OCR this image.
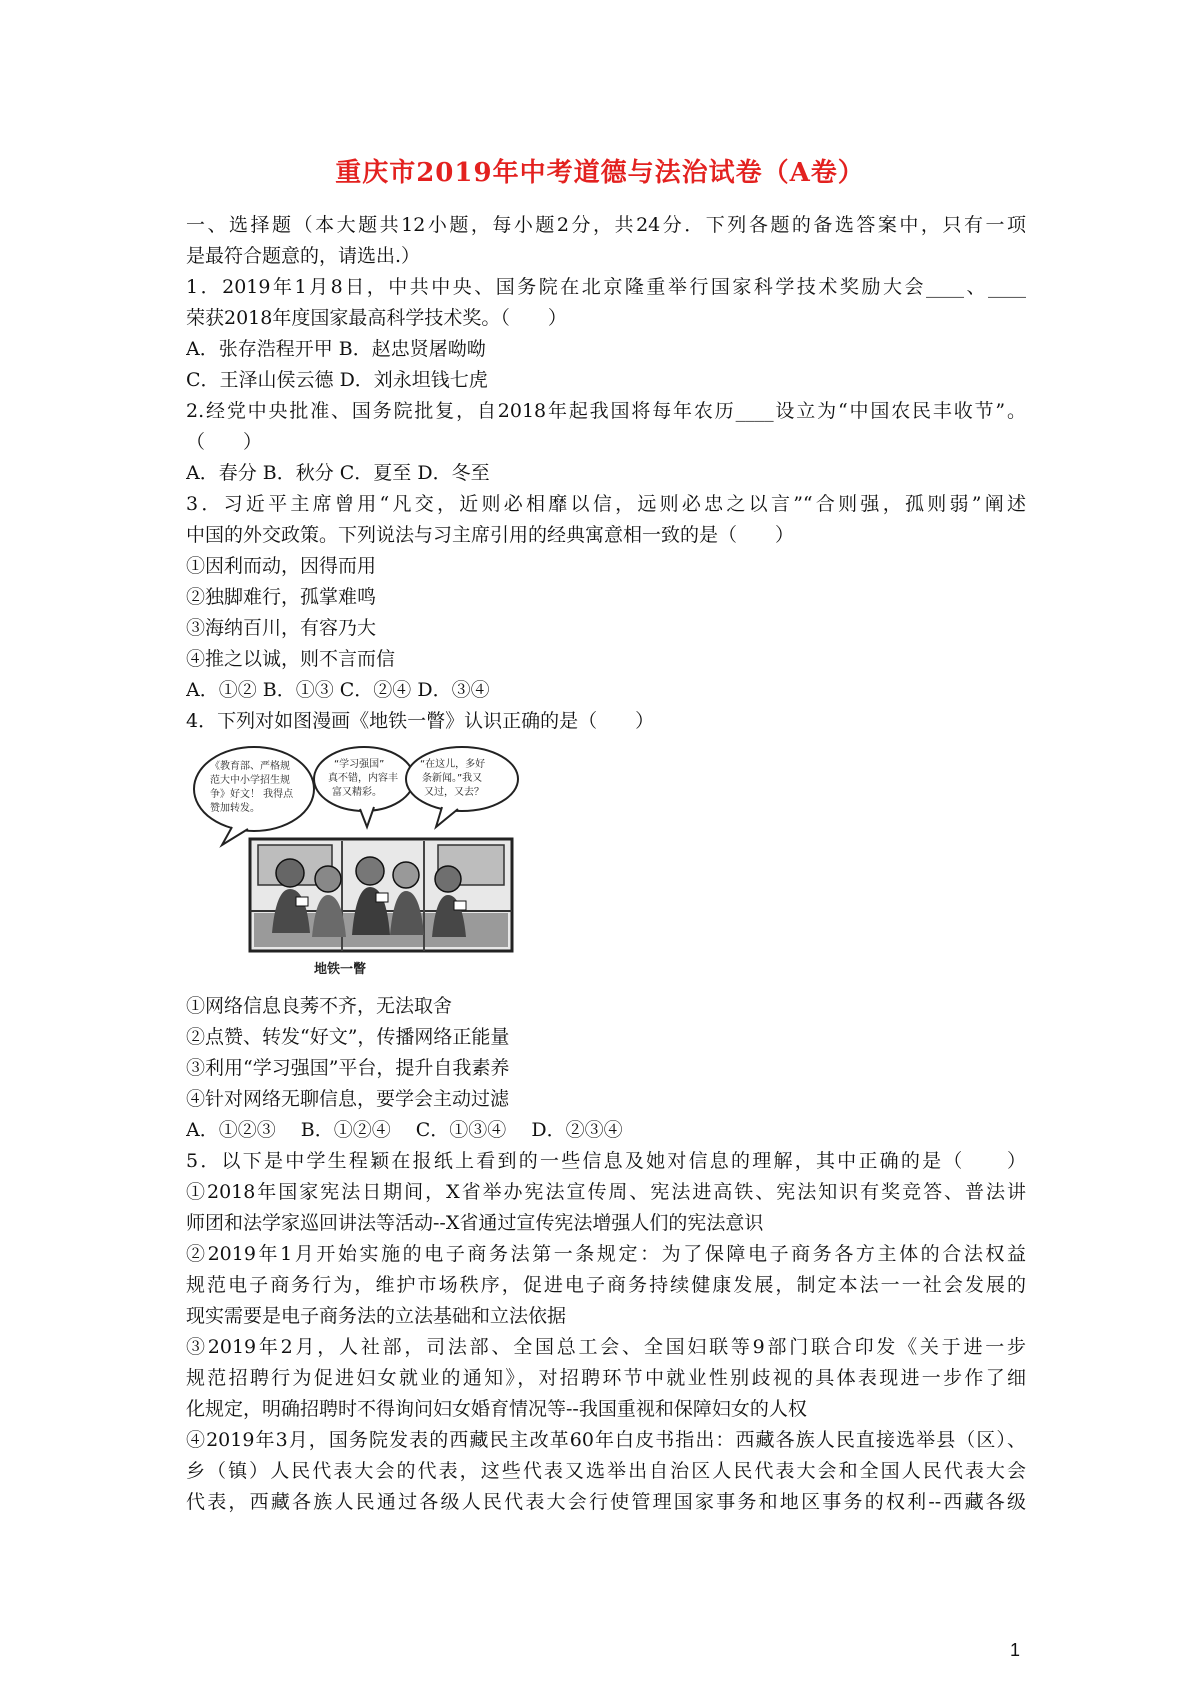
重庆市2019年中考道德与法治试卷（A卷）
一、选择题（本大题共12小题，每小题2分，共24分．下列各题的备选答案中，只有一项
是最符合题意的，请选出.）
1．2019年1月8日，中共中央、国务院在北京隆重举行国家科学技术奖励大会____、____
荣获2018年度国家最高科学技术奖。（　　）
A．张存浩程开甲 B．赵忠贤屠呦呦
C．王泽山侯云德 D．刘永坦钱七虎
2.经党中央批准、国务院批复，自2018年起我国将每年农历____设立为“中国农民丰收节”。
（　　）
A．春分 B．秋分 C．夏至 D．冬至
3．习近平主席曾用“凡交，近则必相靡以信，远则必忠之以言”“合则强，孤则弱”阐述
中国的外交政策。下列说法与习主席引用的经典寓意相一致的是（　　）
①因利而动，因得而用
②独脚难行，孤掌难鸣
③海纳百川，有容乃大
④推之以诚，则不言而信
A．①② B．①③ C．②④ D．③④
4．下列对如图漫画《地铁一瞥》认识正确的是（　　）
《教育部、严格规
范大中小学招生规
争》好文！ 我得点
赞加转发。
“学习强国”
真不错，内容丰
富又精彩。
“在这儿，多好
条新闻。”我又
又过，又去？
地铁一瞥
①网络信息良莠不齐，无法取舍
②点赞、转发“好文”，传播网络正能量
③利用“学习强国”平台，提升自我素养
④针对网络无聊信息，要学会主动过滤
A．①②③　 B．①②④　 C．①③④　 D．②③④
5．以下是中学生程颖在报纸上看到的一些信息及她对信息的理解，其中正确的是（　　）
①2018年国家宪法日期间，X省举办宪法宣传周、宪法进高铁、宪法知识有奖竞答、普法讲
师团和法学家巡回讲法等活动--X省通过宣传宪法增强人们的宪法意识
②2019年1月开始实施的电子商务法第一条规定：为了保障电子商务各方主体的合法权益
规范电子商务行为，维护市场秩序，促进电子商务持续健康发展，制定本法一一社会发展的
现实需要是电子商务法的立法基础和立法依据
③2019年2月，人社部，司法部、全国总工会、全国妇联等9部门联合印发《关于进一步
规范招聘行为促进妇女就业的通知》，对招聘环节中就业性别歧视的具体表现进一步作了细
化规定，明确招聘时不得询问妇女婚育情况等--我国重视和保障妇女的人权
④2019年3月，国务院发表的西藏民主改革60年白皮书指出：西藏各族人民直接选举县（区）、
乡（镇）人民代表大会的代表，这些代表又选举出自治区人民代表大会和全国人民代表大会
代表，西藏各族人民通过各级人民代表大会行使管理国家事务和地区事务的权利--西藏各级
1
